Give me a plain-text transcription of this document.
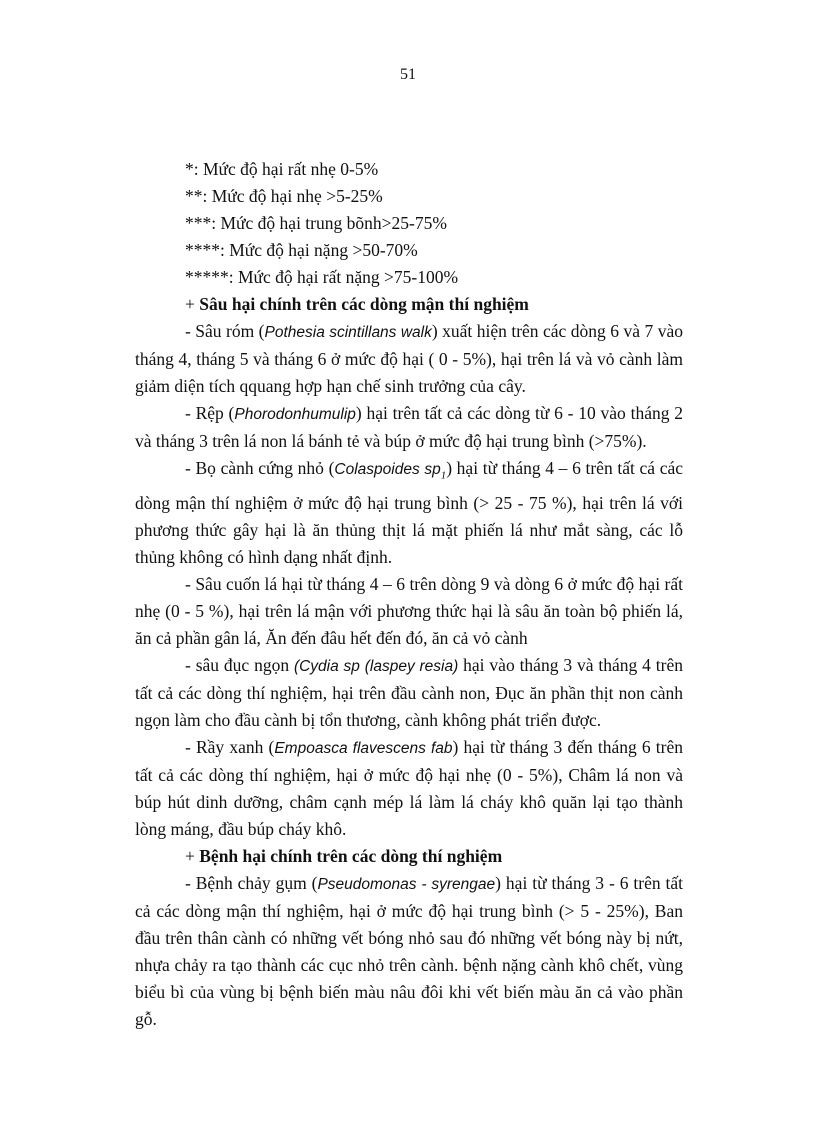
51

*: Mức độ hại rất nhẹ 0-5%

**: Mức độ hại nhẹ >5-25%

***: Mức độ hại trung bõnh>25-75%

****: Mức độ hại nặng >50-70%

*****: Mức độ hại rất nặng >75-100%

+ Sâu hại chính trên các dòng mận thí nghiệm

- Sâu róm (Pothesia scintillans walk) xuất hiện trên các dòng 6 và 7 vào tháng 4, tháng 5 và tháng 6 ở mức độ hại ( 0 - 5%), hại trên lá và vỏ cành làm giảm diện tích qquang hợp hạn chế sinh trưởng của cây.

- Rệp (Phorodonhumulip) hại trên tất cả các dòng từ 6 - 10 vào tháng 2 và tháng 3 trên lá non lá bánh tẻ và búp ở mức độ hại trung bình (>75%).

- Bọ cành cứng nhỏ (Colaspoides $sp_1$) hại từ tháng 4 – 6 trên tất cá các dòng mận thí nghiệm ở mức độ hại trung bình (> 25 - 75 %), hại trên lá với phương thức gây hại là ăn thủng thịt lá mặt phiến lá như mắt sàng, các lỗ thủng không có hình dạng nhất định.

- Sâu cuốn lá hại từ tháng 4 – 6 trên dòng 9 và dòng 6 ở mức độ hại rất nhẹ (0 - 5 %), hại trên lá mận với phương thức hại là sâu ăn toàn bộ phiến lá, ăn cả phần gân lá, Ăn đến đâu hết đến đó, ăn cả vỏ cành

- sâu đục ngọn (Cydia sp (laspey resia) hại vào tháng 3 và tháng 4 trên tất cả các dòng thí nghiệm, hại trên đầu cành non, Đục ăn phần thịt non cành ngọn làm cho đầu cành bị tổn thương, cành không phát triển được.

- Rầy xanh (Empoasca flavescens fab) hại từ tháng 3 đến tháng 6 trên tất cả các dòng thí nghiệm, hại ở mức độ hại nhẹ (0 - 5%), Châm lá non và búp hút dinh dưỡng, châm cạnh mép lá làm lá cháy khô quăn lại tạo thành lòng máng, đầu búp cháy khô.

+ Bệnh hại chính trên các dòng thí nghiệm

- Bệnh chảy gụm (Pseudomonas - syrengae) hại từ tháng 3 - 6 trên tất cả các dòng mận thí nghiệm, hại ở mức độ hại trung bình (> 5 - 25%), Ban đầu trên thân cành có những vết bóng nhỏ sau đó những vết bóng này bị nứt, nhựa chảy ra tạo thành các cục nhỏ trên cành. bệnh nặng cành khô chết, vùng biểu bì của vùng bị bệnh biến màu nâu đôi khi vết biến màu ăn cả vào phần gỗ.
